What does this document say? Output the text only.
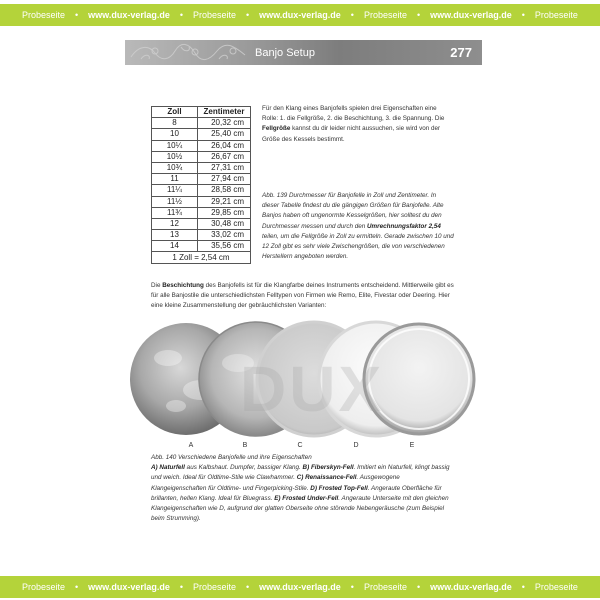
Probeseite • www.dux-verlag.de • Probeseite • www.dux-verlag.de • Probeseite • www.dux-verlag.de • Probeseite
Banjo Setup	277
Zoll	Zentimeter
8	20,32 cm
10	25,40 cm
10¼	26,04 cm
10½	26,67 cm
10¾	27,31 cm
11	27,94 cm
11¼	28,58 cm
11½	29,21 cm
11¾	29,85 cm
12	30,48 cm
13	33,02 cm
14	35,56 cm
1 Zoll = 2,54 cm	
Für den Klang eines Banjofells spielen drei Eigenschaften eine Rolle: 1. die Fellgröße, 2. die Beschichtung, 3. die Spannung. Die Fellgröße kannst du dir leider nicht aussuchen, sie wird von der Größe des Kessels bestimmt.
Abb. 139 Durchmesser für Banjofelle in Zoll und Zentimeter. In dieser Tabelle findest du die gängigen Größen für Banjofelle. Alte Banjos haben oft ungenormte Kesselgrößen, hier solltest du den Durchmesser messen und durch den Umrechnungsfaktor 2,54 teilen, um die Fellgröße in Zoll zu ermitteln. Gerade zwischen 10 und 12 Zoll gibt es sehr viele Zwischengrößen, die von verschiedenen Herstellern angeboten werden.
Die Beschichtung des Banjofells ist für die Klangfarbe deines Instruments entscheidend. Mittlerweile gibt es für alle Banjostile die unterschiedlichsten Felltypen von Firmen wie Remo, Elite, Fivestar oder Deering. Hier eine kleine Zusammenstellung der gebräuchlichsten Varianten:
DUX
A	B	C	D	E
Abb. 140 Verschiedene Banjofelle und ihre Eigenschaften
A) Naturfell aus Kalbshaut. Dumpfer, bassiger Klang. B) Fiberskyn-Fell. Imitiert ein Naturfell, klingt bassig und weich. Ideal für Oldtime-Stile wie Clawhammer. C) Renaissance-Fell. Ausgewogene Klangeigenschaften für Oldtime- und Fingerpicking-Stile. D) Frosted Top-Fell. Angeraute Oberfläche für brillanten, hellen Klang. Ideal für Bluegrass. E) Frosted Under-Fell. Angeraute Unterseite mit den gleichen Klangeigenschaften wie D, aufgrund der glatten Oberseite ohne störende Nebengeräusche (zum Beispiel beim Strumming).
Probeseite • www.dux-verlag.de • Probeseite • www.dux-verlag.de • Probeseite • www.dux-verlag.de • Probeseite
